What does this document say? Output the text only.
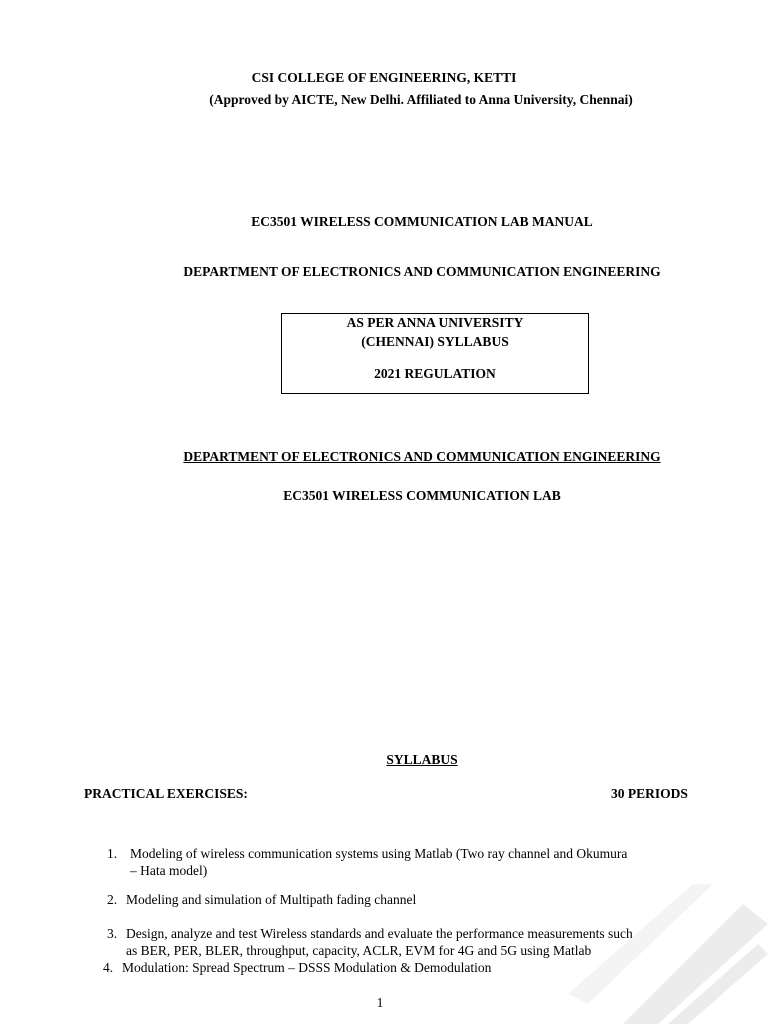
CSI COLLEGE OF ENGINEERING, KETTI
(Approved by AICTE, New Delhi. Affiliated to Anna University, Chennai)
EC3501 WIRELESS COMMUNICATION LAB MANUAL
DEPARTMENT OF ELECTRONICS AND COMMUNICATION ENGINEERING
AS PER ANNA UNIVERSITY
(CHENNAI) SYLLABUS
2021 REGULATION
DEPARTMENT OF ELECTRONICS AND COMMUNICATION ENGINEERING
EC3501 WIRELESS COMMUNICATION LAB
SYLLABUS
PRACTICAL EXERCISES:	30 PERIODS
1. Modeling of wireless communication systems using Matlab (Two ray channel and Okumura
– Hata model)
2. Modeling and simulation of Multipath fading channel
3. Design, analyze and test Wireless standards and evaluate the performance measurements such
as BER, PER, BLER, throughput, capacity, ACLR, EVM for 4G and 5G using Matlab
4. Modulation: Spread Spectrum – DSSS Modulation & Demodulation
1
